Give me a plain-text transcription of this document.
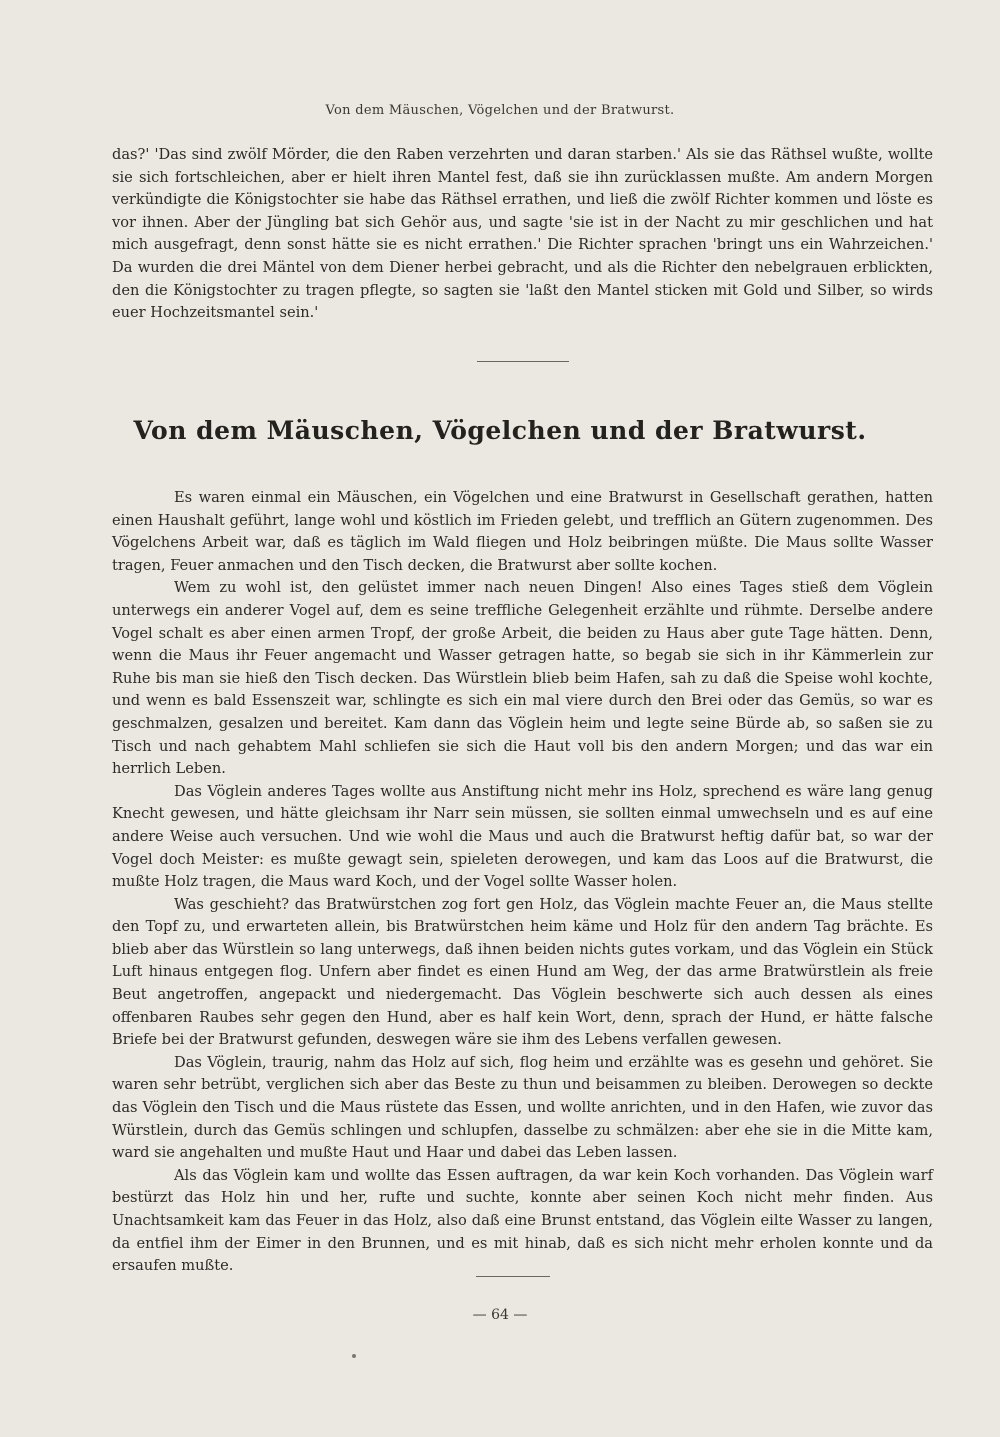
Von dem Mäuschen, Vögelchen und der Bratwurst.

das?' 'Das sind zwölf Mörder, die den Raben verzehrten und daran starben.' Als sie das Räthsel wußte, wollte sie sich fortschleichen, aber er hielt ihren Mantel fest, daß sie ihn zurücklassen mußte. Am andern Morgen verkündigte die Königstochter sie habe das Räthsel errathen, und ließ die zwölf Richter kommen und löste es vor ihnen. Aber der Jüngling bat sich Gehör aus, und sagte 'sie ist in der Nacht zu mir geschlichen und hat mich ausgefragt, denn sonst hätte sie es nicht errathen.' Die Richter sprachen 'bringt uns ein Wahrzeichen.' Da wurden die drei Mäntel von dem Diener herbei gebracht, und als die Richter den nebelgrauen erblickten, den die Königstochter zu tragen pflegte, so sagten sie 'laßt den Mantel sticken mit Gold und Silber, so wirds euer Hochzeitsmantel sein.'

Von dem Mäuschen, Vögelchen und der Bratwurst.

Es waren einmal ein Mäuschen, ein Vögelchen und eine Bratwurst in Gesellschaft gerathen, hatten einen Haushalt geführt, lange wohl und köstlich im Frieden gelebt, und trefflich an Gütern zugenommen. Des Vögelchens Arbeit war, daß es täglich im Wald fliegen und Holz beibringen müßte. Die Maus sollte Wasser tragen, Feuer anmachen und den Tisch decken, die Bratwurst aber sollte kochen.

Wem zu wohl ist, den gelüstet immer nach neuen Dingen! Also eines Tages stieß dem Vöglein unterwegs ein anderer Vogel auf, dem es seine treffliche Gelegenheit erzählte und rühmte. Derselbe andere Vogel schalt es aber einen armen Tropf, der große Arbeit, die beiden zu Haus aber gute Tage hätten. Denn, wenn die Maus ihr Feuer angemacht und Wasser getragen hatte, so begab sie sich in ihr Kämmerlein zur Ruhe bis man sie hieß den Tisch decken. Das Würstlein blieb beim Hafen, sah zu daß die Speise wohl kochte, und wenn es bald Essenszeit war, schlingte es sich ein mal viere durch den Brei oder das Gemüs, so war es geschmalzen, gesalzen und bereitet. Kam dann das Vöglein heim und legte seine Bürde ab, so saßen sie zu Tisch und nach gehabtem Mahl schliefen sie sich die Haut voll bis den andern Morgen; und das war ein herrlich Leben.

Das Vöglein anderes Tages wollte aus Anstiftung nicht mehr ins Holz, sprechend es wäre lang genug Knecht gewesen, und hätte gleichsam ihr Narr sein müssen, sie sollten einmal umwechseln und es auf eine andere Weise auch versuchen. Und wie wohl die Maus und auch die Bratwurst heftig dafür bat, so war der Vogel doch Meister: es mußte gewagt sein, spieleten derowegen, und kam das Loos auf die Bratwurst, die mußte Holz tragen, die Maus ward Koch, und der Vogel sollte Wasser holen.

Was geschieht? das Bratwürstchen zog fort gen Holz, das Vöglein machte Feuer an, die Maus stellte den Topf zu, und erwarteten allein, bis Bratwürstchen heim käme und Holz für den andern Tag brächte. Es blieb aber das Würstlein so lang unterwegs, daß ihnen beiden nichts gutes vorkam, und das Vöglein ein Stück Luft hinaus entgegen flog. Unfern aber findet es einen Hund am Weg, der das arme Bratwürstlein als freie Beut angetroffen, angepackt und niedergemacht. Das Vöglein beschwerte sich auch dessen als eines offenbaren Raubes sehr gegen den Hund, aber es half kein Wort, denn, sprach der Hund, er hätte falsche Briefe bei der Bratwurst gefunden, deswegen wäre sie ihm des Lebens verfallen gewesen.

Das Vöglein, traurig, nahm das Holz auf sich, flog heim und erzählte was es gesehn und gehöret. Sie waren sehr betrübt, verglichen sich aber das Beste zu thun und beisammen zu bleiben. Derowegen so deckte das Vöglein den Tisch und die Maus rüstete das Essen, und wollte anrichten, und in den Hafen, wie zuvor das Würstlein, durch das Gemüs schlingen und schlupfen, dasselbe zu schmälzen: aber ehe sie in die Mitte kam, ward sie angehalten und mußte Haut und Haar und dabei das Leben lassen.

Als das Vöglein kam und wollte das Essen auftragen, da war kein Koch vorhanden. Das Vöglein warf bestürzt das Holz hin und her, rufte und suchte, konnte aber seinen Koch nicht mehr finden. Aus Unachtsamkeit kam das Feuer in das Holz, also daß eine Brunst entstand, das Vöglein eilte Wasser zu langen, da entfiel ihm der Eimer in den Brunnen, und es mit hinab, daß es sich nicht mehr erholen konnte und da ersaufen mußte.

— 64 —
